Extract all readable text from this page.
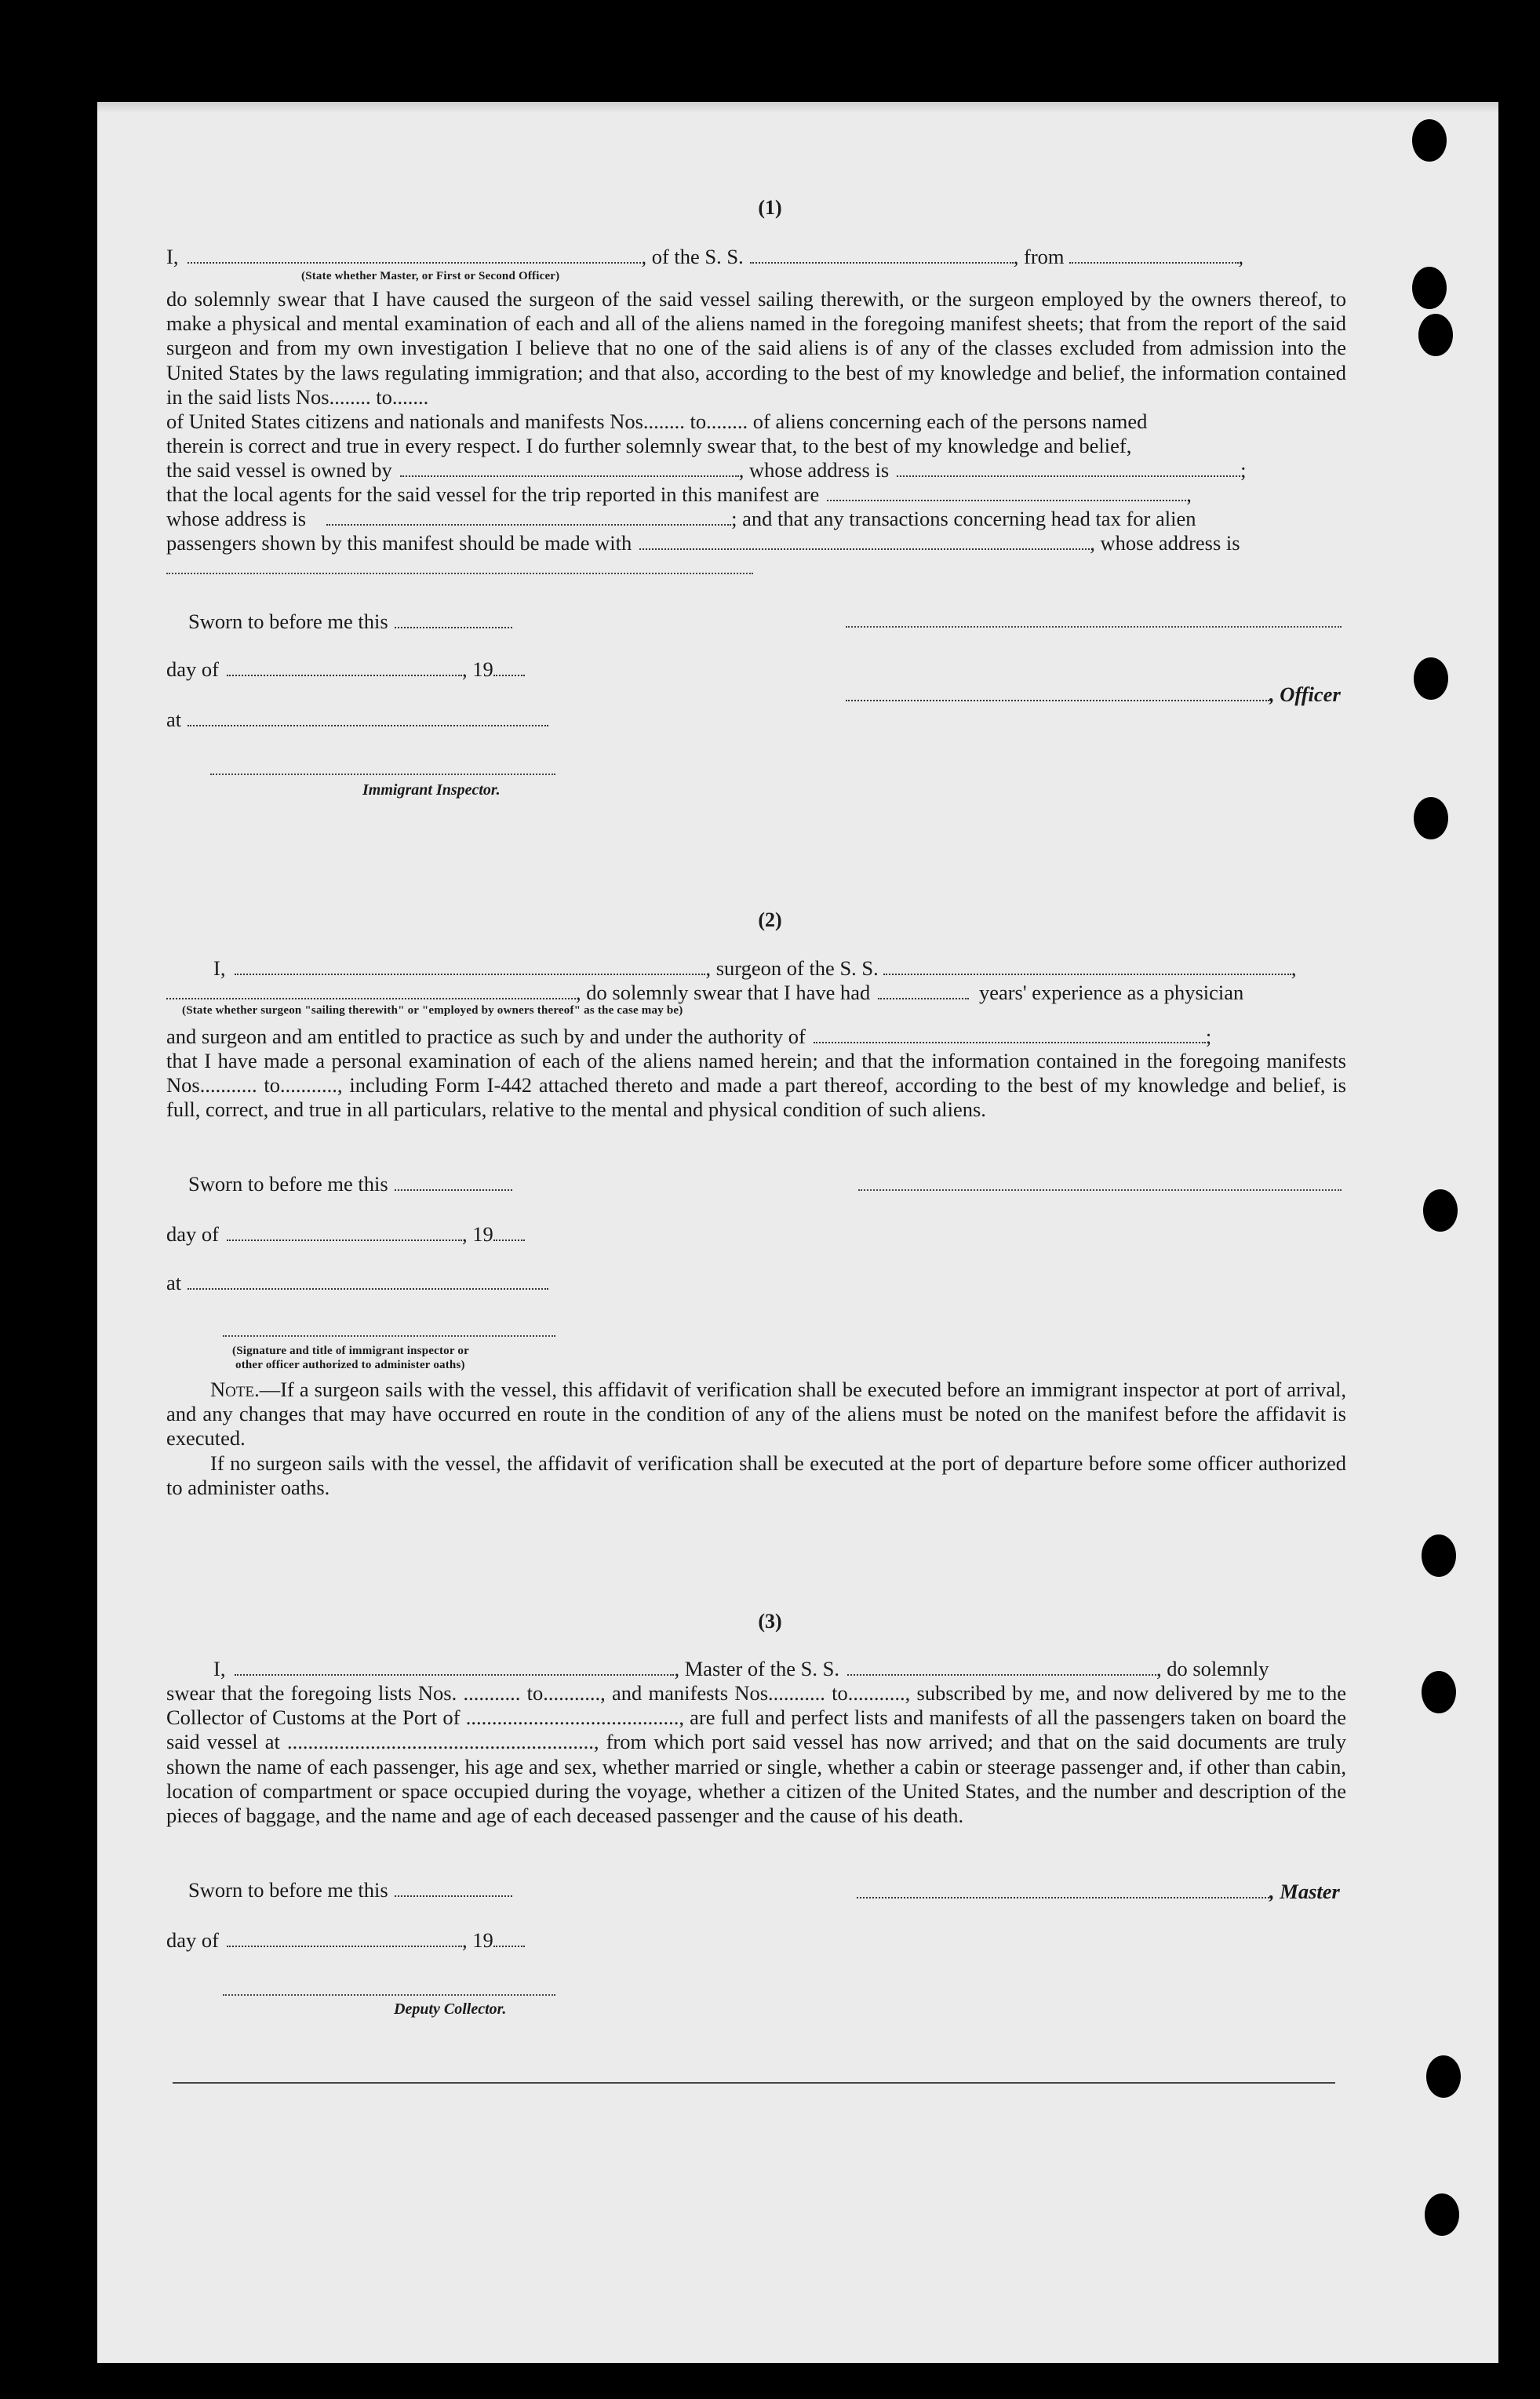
(1)
I,	, of the S. S.	, from	,
(State whether Master, or First or Second Officer)
do solemnly swear that I have caused the surgeon of the said vessel sailing therewith, or the surgeon employed by the owners thereof, to make a physical and mental examination of each and all of the aliens named in the foregoing manifest sheets; that from the report of the said surgeon and from my own investigation I believe that no one of the said aliens is of any of the classes excluded from admission into the United States by the laws regulating immigration; and that also, according to the best of my knowledge and belief, the information contained in the said lists Nos........ to.......
of United States citizens and nationals and manifests Nos........ to........ of aliens concerning each of the persons named
therein is correct and true in every respect. I do further solemnly swear that, to the best of my knowledge and belief,
the said vessel is owned by	, whose address is	;
that the local agents for the said vessel for the trip reported in this manifest are	,
whose address is	; and that any transactions concerning head tax for alien
passengers shown by this manifest should be made with	, whose address is
Sworn to before me this
day of	, 19
, Officer
at
Immigrant Inspector.
(2)
I,	, surgeon of the S. S.	,
, do solemnly swear that I have had	years' experience as a physician
(State whether surgeon "sailing therewith" or "employed by owners thereof" as the case may be)
and surgeon and am entitled to practice as such by and under the authority of	;
that I have made a personal examination of each of the aliens named herein; and that the information contained in the foregoing manifests Nos........... to..........., including Form I-442 attached thereto and made a part thereof, according to the best of my knowledge and belief, is full, correct, and true in all particulars, relative to the mental and physical condition of such aliens.
Sworn to before me this
day of	, 19
at
(Signature and title of immigrant inspector or
other officer authorized to administer oaths)
Note.—If a surgeon sails with the vessel, this affidavit of verification shall be executed before an immigrant inspector at port of arrival, and any changes that may have occurred en route in the condition of any of the aliens must be noted on the manifest before the affidavit is executed.
If no surgeon sails with the vessel, the affidavit of verification shall be executed at the port of departure before some officer authorized to administer oaths.
(3)
I,	, Master of the S. S.	, do solemnly
swear that the foregoing lists Nos. ........... to..........., and manifests Nos........... to..........., subscribed by me, and now delivered by me to the Collector of Customs at the Port of ........................................., are full and perfect lists and manifests of all the passengers taken on board the said vessel at ..........................................................., from which port said vessel has now arrived; and that on the said documents are truly shown the name of each passenger, his age and sex, whether married or single, whether a cabin or steerage passenger and, if other than cabin, location of compartment or space occupied during the voyage, whether a citizen of the United States, and the number and description of the pieces of baggage, and the name and age of each deceased passenger and the cause of his death.
Sworn to before me this	, Master
day of	, 19
Deputy Collector.
